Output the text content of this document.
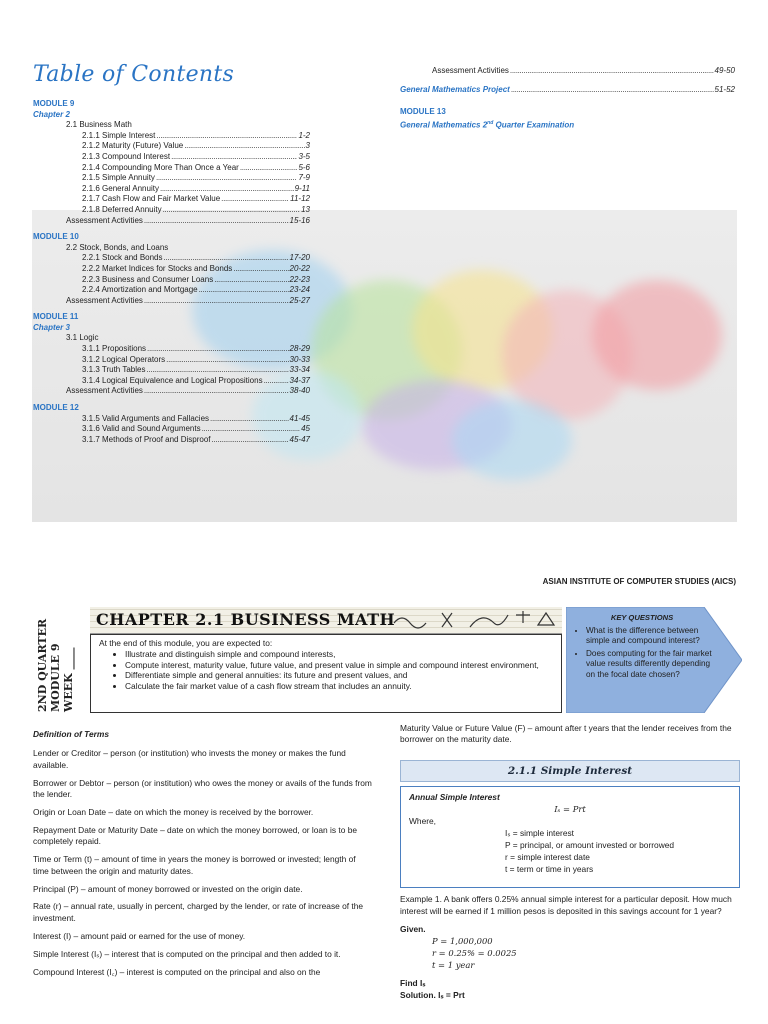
Table of Contents
MODULE 9
Chapter 2
2.1 Business Math
2.1.1 Simple Interest .....	1-2
2.1.2 Maturity (Future) Value .....	3
2.1.3 Compound Interest .....	3-5
2.1.4 Compounding More Than Once a Year .....	5-6
2.1.5 Simple Annuity .....	7-9
2.1.6 General Annuity .....	9-11
2.1.7 Cash Flow and Fair Market Value .....	11-12
2.1.8 Deferred Annuity .....	13
Assessment Activities .....	15-16
MODULE 10
2.2 Stock, Bonds, and Loans
2.2.1 Stock and Bonds .....	17-20
2.2.2 Market Indices for Stocks and Bonds .....	20-22
2.2.3 Business and Consumer Loans .....	22-23
2.2.4 Amortization and Mortgage .....	23-24
Assessment Activities .....	25-27
MODULE 11
Chapter 3
3.1 Logic
3.1.1 Propositions .....	28-29
3.1.2 Logical Operators .....	30-33
3.1.3 Truth Tables .....	33-34
3.1.4 Logical Equivalence and Logical Propositions .....	34-37
Assessment Activities .....	38-40
MODULE 12
3.1.5 Valid Arguments and Fallacies .....	41-45
3.1.6 Valid and Sound Arguments .....	45
3.1.7 Methods of Proof and Disproof .....	45-47
Assessment Activities .....	49-50
General Mathematics Project .....	51-52
MODULE 13
General Mathematics 2nd Quarter Examination
ASIAN INSTITUTE OF COMPUTER STUDIES (AICS)
2ND QUARTER MODULE 9 WEEK ____
CHAPTER 2.1 BUSINESS MATH
At the end of this module, you are expected to:
• Illustrate and distinguish simple and compound interests,
• Compute interest, maturity value, future value, and present value in simple and compound interest environment,
• Differentiate simple and general annuities: its future and present values, and
• Calculate the fair market value of a cash flow stream that includes an annuity.
KEY QUESTIONS
• What is the difference between simple and compound interest?
• Does computing for the fair market value results differently depending on the focal date chosen?

Definition of Terms

Lender or Creditor – person (or institution) who invests the money or makes the fund available.

Borrower or Debtor – person (or institution) who owes the money or avails of the funds from the lender.

Origin or Loan Date – date on which the money is received by the borrower.

Repayment Date or Maturity Date – date on which the money borrowed, or loan is to be completely repaid.

Time or Term (t) – amount of time in years the money is borrowed or invested; length of time between the origin and maturity dates.

Principal (P) – amount of money borrowed or invested on the origin date.

Rate (r) – annual rate, usually in percent, charged by the lender, or rate of increase of the investment.

Interest (I) – amount paid or earned for the use of money.

Simple Interest (Iₛ) – interest that is computed on the principal and then added to it.

Compound Interest (I꜀) – interest is computed on the principal and also on the

Maturity Value or Future Value (F) – amount after t years that the lender receives from the borrower on the maturity date.
2.1.1 Simple Interest
Annual Simple Interest
Iₛ = Prt
Where,
Iₛ = simple interest
P = principal, or amount invested or borrowed
r = simple interest date
t = term or time in years
Example 1. A bank offers 0.25% annual simple interest for a particular deposit. How much interest will be earned if 1 million pesos is deposited in this savings account for 1 year?
Given.
P = 1,000,000
r = 0.25% = 0.0025
t = 1 year
Find Iₛ
Solution. Iₛ = Prt
